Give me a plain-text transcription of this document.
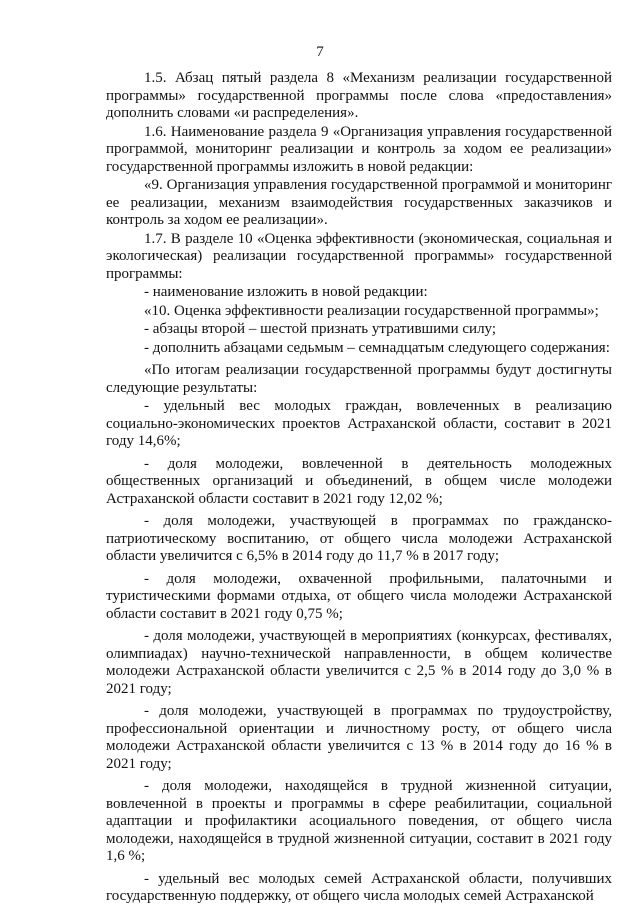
7

1.5. Абзац пятый раздела 8 «Механизм реализации государственной программы» государственной программы после слова «предоставления» дополнить словами «и распределения».

1.6. Наименование раздела 9 «Организация управления государственной программой, мониторинг реализации и контроль за ходом ее реализации» государственной программы изложить в новой редакции:

«9. Организация управления государственной программой и мониторинг ее реализации, механизм взаимодействия государственных заказчиков и контроль за ходом ее реализации».

1.7. В разделе 10 «Оценка эффективности (экономическая, социальная и экологическая) реализации государственной программы» государственной программы:

- наименование изложить в новой редакции:

«10. Оценка эффективности реализации государственной программы»;

- абзацы второй – шестой признать утратившими силу;

- дополнить абзацами седьмым – семнадцатым следующего содержания:

«По итогам реализации государственной программы будут достигнуты следующие результаты:

- удельный вес молодых граждан, вовлеченных в реализацию социально-экономических проектов Астраханской области, составит в 2021 году 14,6%;

- доля молодежи, вовлеченной в деятельность молодежных общественных организаций и объединений, в общем числе молодежи Астраханской области составит в 2021 году 12,02 %;

- доля молодежи, участвующей в программах по гражданско-патриотическому воспитанию, от общего числа молодежи Астраханской области увеличится с 6,5% в 2014 году до 11,7 % в 2017 году;

- доля молодежи, охваченной профильными, палаточными и туристическими формами отдыха, от общего числа молодежи Астраханской области составит в 2021 году 0,75 %;

- доля молодежи, участвующей в мероприятиях (конкурсах, фестивалях, олимпиадах) научно-технической направленности, в общем количестве молодежи Астраханской области увеличится с 2,5 % в 2014 году до 3,0 % в 2021 году;

- доля молодежи, участвующей в программах по трудоустройству, профессиональной ориентации и личностному росту, от общего числа молодежи Астраханской области увеличится с 13 % в 2014 году до 16 % в 2021 году;

- доля молодежи, находящейся в трудной жизненной ситуации, вовлеченной в проекты и программы в сфере реабилитации, социальной адаптации и профилактики асоциального поведения, от общего числа молодежи, находящейся в трудной жизненной ситуации, составит в 2021 году 1,6 %;

- удельный вес молодых семей Астраханской области, получивших государственную поддержку, от общего числа молодых семей Астраханской
